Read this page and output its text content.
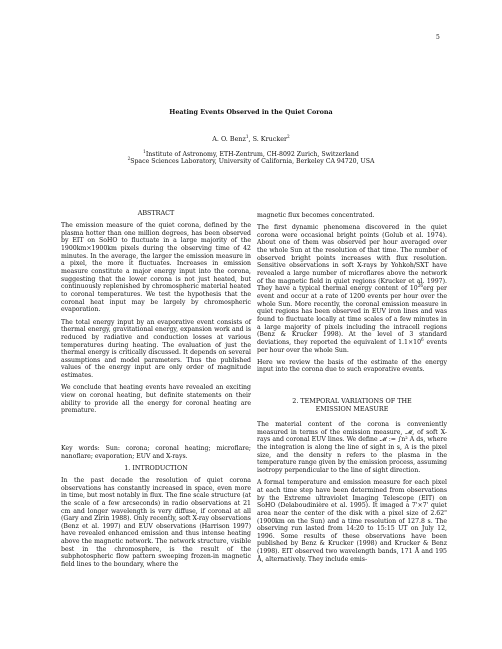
5
Heating Events Observed in the Quiet Corona
A. O. Benz$^1$, S. Krucker$^2$
$^1$Institute of Astronomy, ETH-Zentrum, CH-8092 Zurich, Switzerland
$^2$Space Sciences Laboratory, University of California, Berkeley CA 94720, USA

ABSTRACT

The emission measure of the quiet corona, defined by the plasma hotter than one million degrees, has been observed by EIT on SoHO to fluctuate in a large majority of the 1900km×1900km pixels during the observing time of 42 minutes. In the average, the larger the emission measure in a pixel, the more it fluctuates. Increases in emission measure constitute a major energy input into the corona, suggesting that the lower corona is not just heated, but continuously replenished by chromospheric material heated to coronal temperatures. We test the hypothesis that the coronal heat input may be largely by chromospheric evaporation.

The total energy input by an evaporative event consists of thermal energy, gravitational energy, expansion work and is reduced by radiative and conduction losses at various temperatures during heating. The evaluation of just the thermal energy is critically discussed. It depends on several assumptions and model parameters. Thus the published values of the energy input are only order of magnitude estimates.

We conclude that heating events have revealed an exciting view on coronal heating, but definite statements on their ability to provide all the energy for coronal heating are premature.

Key words: Sun: corona; coronal heating; microflare; nanoflare; evaporation; EUV and X-rays.

1. INTRODUCTION

In the past decade the resolution of quiet corona observations has constantly increased in space, even more in time, but most notably in flux. The fine scale structure (at the scale of a few arcseconds) in radio observations at 21 cm and longer wavelength is very diffuse, if coronal at all (Gary and Zirin 1988). Only recently, soft X-ray observations (Benz et al. 1997) and EUV observations (Harrison 1997) have revealed enhanced emission and thus intense heating above the magnetic network. The network structure, visible best in the chromosphere, is the result of the subphotospheric flow pattern sweeping frozen-in magnetic field lines to the boundary, where the

magnetic flux becomes concentrated.

The first dynamic phenomena discovered in the quiet corona were occasional bright points (Golub et al. 1974). About one of them was observed per hour averaged over the whole Sun at the resolution of that time. The number of observed bright points increases with flux resolution. Sensitive observations in soft X-rays by Yohkoh/SXT have revealed a large number of microflares above the network of the magnetic field in quiet regions (Krucker et al. 1997). They have a typical thermal energy content of $10^{26}erg$ per event and occur at a rate of 1200 events per hour over the whole Sun. More recently, the coronal emission measure in quiet regions has been observed in EUV iron lines and was found to fluctuate locally at time scales of a few minutes in a large majority of pixels including the intracell regions (Benz & Krucker 1998). At the level of 3 standard deviations, they reported the equivalent of $1.1\times 10^6$ events per hour over the whole Sun.

Here we review the basis of the estimate of the energy input into the corona due to such evaporative events.

2. TEMPORAL VARIATIONS OF THE
EMISSION MEASURE

The material content of the corona is conveniently measured in terms of the emission measure, 𝓜, of soft X-rays and coronal EUV lines. We define 𝓜 := ∫n² A ds, where the integration is along the line of sight in s, A is the pixel size, and the density n refers to the plasma in the temperature range given by the emission process, assuming isotropy perpendicular to the line of sight direction.

A formal temperature and emission measure for each pixel at each time step have been determined from observations by the Extreme ultraviolet Imaging Telescope (EIT) on SoHO (Delaboudinière et al. 1995). It imaged a 7'×7' quiet area near the center of the disk with a pixel size of 2.62" (1900km on the Sun) and a time resolution of 127.8 s. The observing run lasted from 14:20 to 15:15 UT on July 12, 1996. Some results of these observations have been published by Benz & Krucker (1998) and Krucker & Benz (1998). EIT observed two wavelength bands, 171 Å and 195 Å, alternatively. They include emis-
